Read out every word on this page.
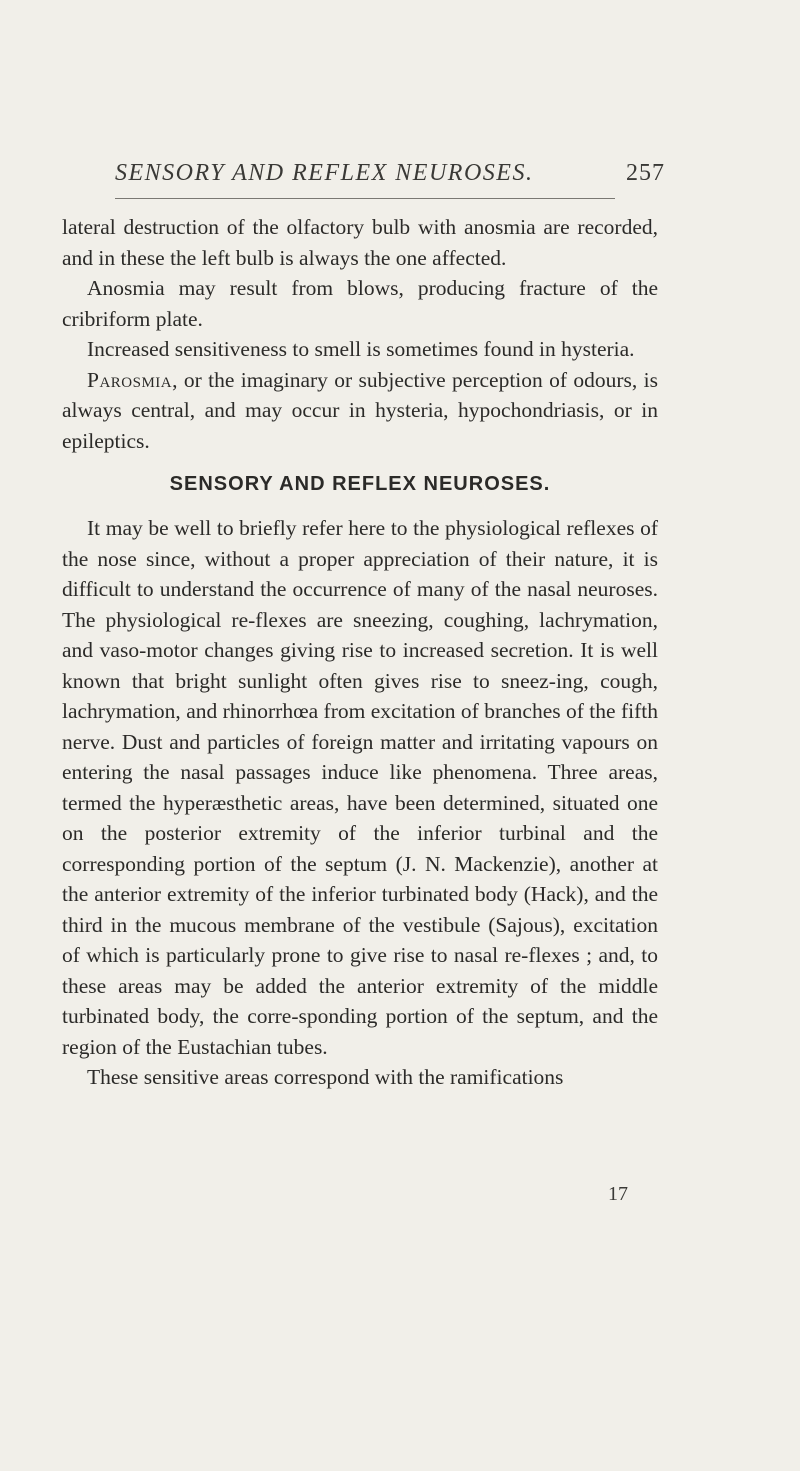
SENSORY AND REFLEX NEUROSES.	257

lateral destruction of the olfactory bulb with anosmia are recorded, and in these the left bulb is always the one affected.

Anosmia may result from blows, producing fracture of the cribriform plate.

Increased sensitiveness to smell is sometimes found in hysteria.

Parosmia, or the imaginary or subjective perception of odours, is always central, and may occur in hysteria, hypochondriasis, or in epileptics.

SENSORY AND REFLEX NEUROSES.

It may be well to briefly refer here to the physiological reflexes of the nose since, without a proper appreciation of their nature, it is difficult to understand the occurrence of many of the nasal neuroses. The physiological re-flexes are sneezing, coughing, lachrymation, and vaso-motor changes giving rise to increased secretion. It is well known that bright sunlight often gives rise to sneez-ing, cough, lachrymation, and rhinorrhœa from excitation of branches of the fifth nerve. Dust and particles of foreign matter and irritating vapours on entering the nasal passages induce like phenomena. Three areas, termed the hyperæsthetic areas, have been determined, situated one on the posterior extremity of the inferior turbinal and the corresponding portion of the septum (J. N. Mackenzie), another at the anterior extremity of the inferior turbinated body (Hack), and the third in the mucous membrane of the vestibule (Sajous), excitation of which is particularly prone to give rise to nasal re-flexes ; and, to these areas may be added the anterior extremity of the middle turbinated body, the corre-sponding portion of the septum, and the region of the Eustachian tubes.

These sensitive areas correspond with the ramifications

17
